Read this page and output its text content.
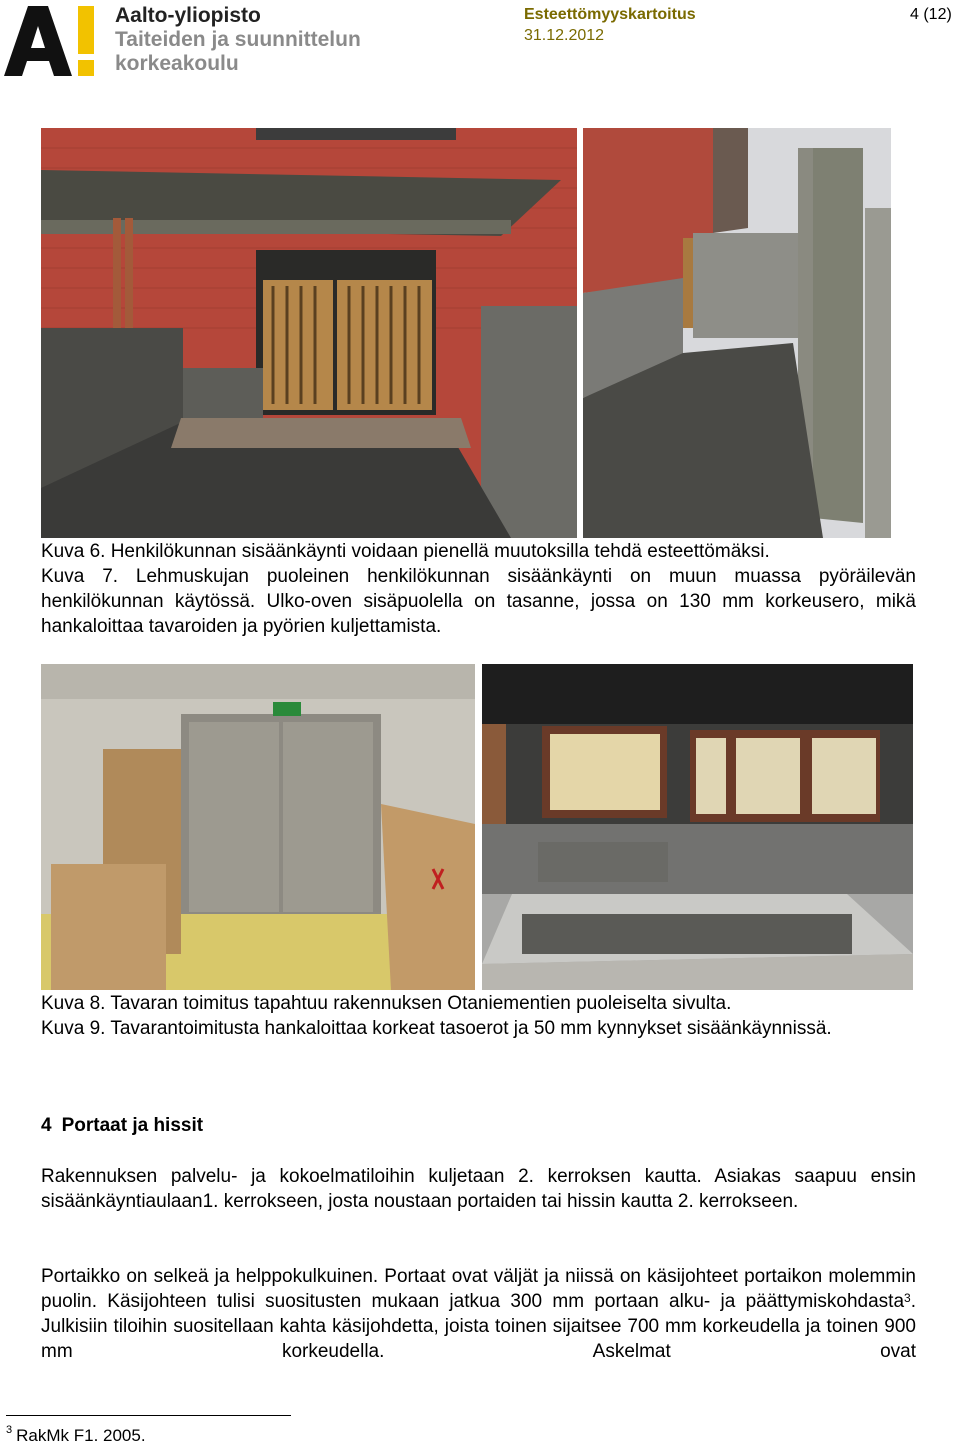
Aalto-yliopisto
Taiteiden ja suunnittelun
korkeakoulu
Esteettömyyskartoitus
31.12.2012
4 (12)

Kuva 6. Henkilökunnan sisäänkäynti voidaan pienellä muutoksilla tehdä esteettömäksi.

Kuva 7. Lehmuskujan puoleinen henkilökunnan sisäänkäynti on muun muassa pyöräilevän henkilökunnan käytössä. Ulko-oven sisäpuolella on tasanne, jossa on 130 mm korkeusero, mikä hankaloittaa tavaroiden ja pyörien kuljettamista.

Kuva 8. Tavaran toimitus tapahtuu rakennuksen Otaniementien puoleiselta sivulta.

Kuva 9. Tavarantoimitusta hankaloittaa korkeat tasoerot ja 50 mm kynnykset sisäänkäynnissä.

4 Portaat ja hissit

Rakennuksen palvelu- ja kokoelmatiloihin kuljetaan 2. kerroksen kautta. Asiakas saapuu ensin sisäänkäyntiaulaan1. kerrokseen, josta noustaan portaiden tai hissin kautta 2. kerrokseen.

Portaikko on selkeä ja helppokulkuinen. Portaat ovat väljät ja niissä on käsijohteet portaikon molemmin puolin. Käsijohteen tulisi suositusten mukaan jatkua 300 mm portaan alku- ja päättymiskohdasta$^3$. Julkisiin tiloihin suositellaan kahta käsijohdetta, joista toinen sijaitsee 700 mm korkeudella ja toinen 900 mm korkeudella. Askelmat ovat

$^3$ RakMk F1. 2005.
